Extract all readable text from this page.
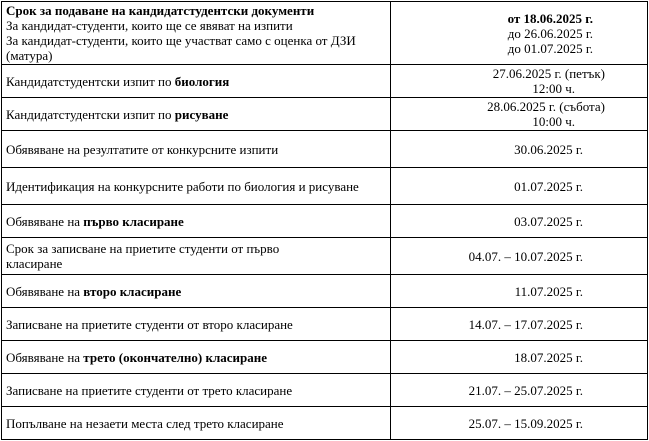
Срок за подаване на кандидатстудентски документи
За кандидат-студенти, които ще се явяват на изпити
За кандидат-студенти, които ще участват само с оценка от ДЗИ (матура)	от 18.06.2025 г.
до 26.06.2025 г.
до 01.07.2025 г.

Кандидатстудентски изпит по биология	27.06.2025 г. (петък)
12:00 ч.

Кандидатстудентски изпит по рисуване	28.06.2025 г. (събота)
10:00 ч.

Обявяване на резултатите от конкурсните изпити	30.06.2025 г.

Идентификация на конкурсните работи по биология и рисуване	01.07.2025 г.

Обявяване на първо класиране	03.07.2025 г.

Срок за записване на приетите студенти от първо
класиране	04.07. – 10.07.2025 г.

Обявяване на второ класиране	11.07.2025 г.

Записване на приетите студенти от второ класиране	14.07. – 17.07.2025 г.

Обявяване на трето (окончателно) класиране	18.07.2025 г.

Записване на приетите студенти от трето класиране	21.07. – 25.07.2025 г.

Попълване на незаети места след трето класиране	25.07. – 15.09.2025 г.
